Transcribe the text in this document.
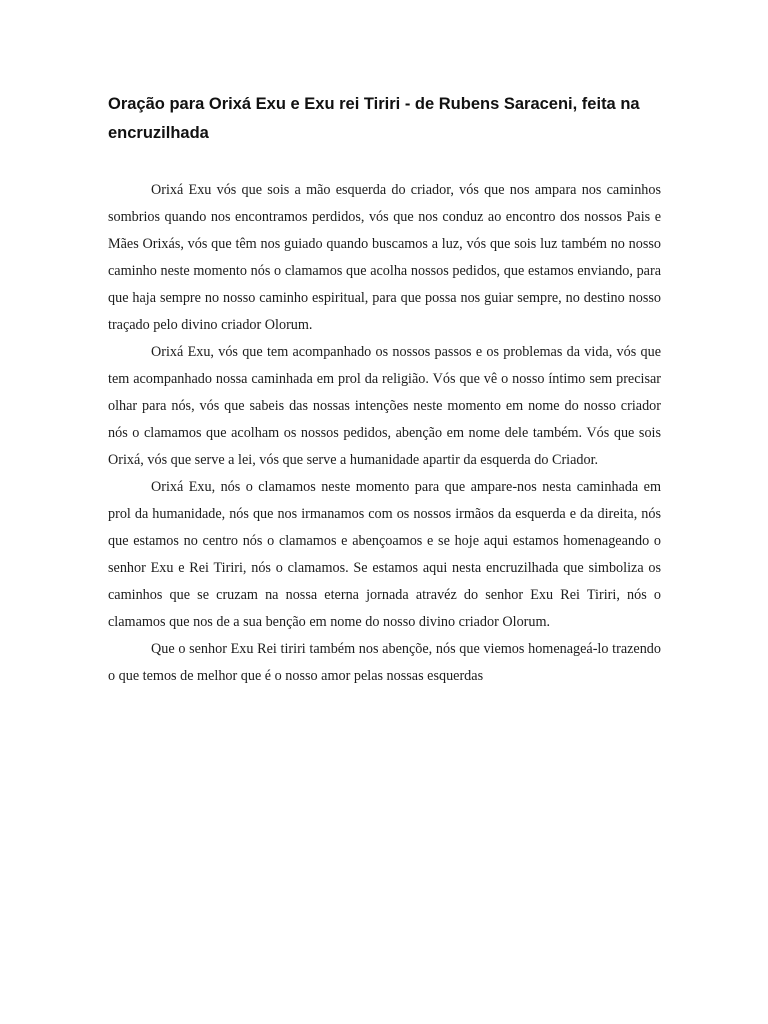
Oração para Orixá Exu e Exu rei Tiriri - de Rubens Saraceni, feita na encruzilhada

Orixá Exu vós que sois a mão esquerda do criador, vós que nos ampara nos caminhos sombrios quando nos encontramos perdidos, vós que nos conduz ao encontro dos nossos Pais e Mães Orixás, vós que têm nos guiado quando buscamos a luz, vós que sois luz também no nosso caminho neste momento nós o clamamos que acolha nossos pedidos, que estamos enviando, para que haja sempre no nosso caminho espiritual, para que possa nos guiar sempre, no destino nosso traçado pelo divino criador Olorum.

Orixá Exu, vós que tem acompanhado os nossos passos e os problemas da vida, vós que tem acompanhado nossa caminhada em prol da religião. Vós que vê o nosso íntimo sem precisar olhar para nós, vós que sabeis das nossas intenções neste momento em nome do nosso criador nós o clamamos que acolham os nossos pedidos, abenção em nome dele também. Vós que sois Orixá, vós que serve a lei, vós que serve a humanidade apartir da esquerda do Criador.

Orixá Exu, nós o clamamos neste momento para que ampare-nos nesta caminhada em prol da humanidade, nós que nos irmanamos com os nossos irmãos da esquerda e da direita, nós que estamos no centro nós o clamamos e abençoamos e se hoje aqui estamos homenageando o senhor Exu e Rei Tiriri, nós o clamamos. Se estamos aqui nesta encruzilhada que simboliza os caminhos que se cruzam na nossa eterna jornada atravéz do senhor Exu Rei Tiriri, nós o clamamos que nos de a sua benção em nome do nosso divino criador Olorum.

Que o senhor Exu Rei tiriri também nos abençõe, nós que viemos homenageá-lo trazendo o que temos de melhor que é o nosso amor pelas nossas esquerdas
